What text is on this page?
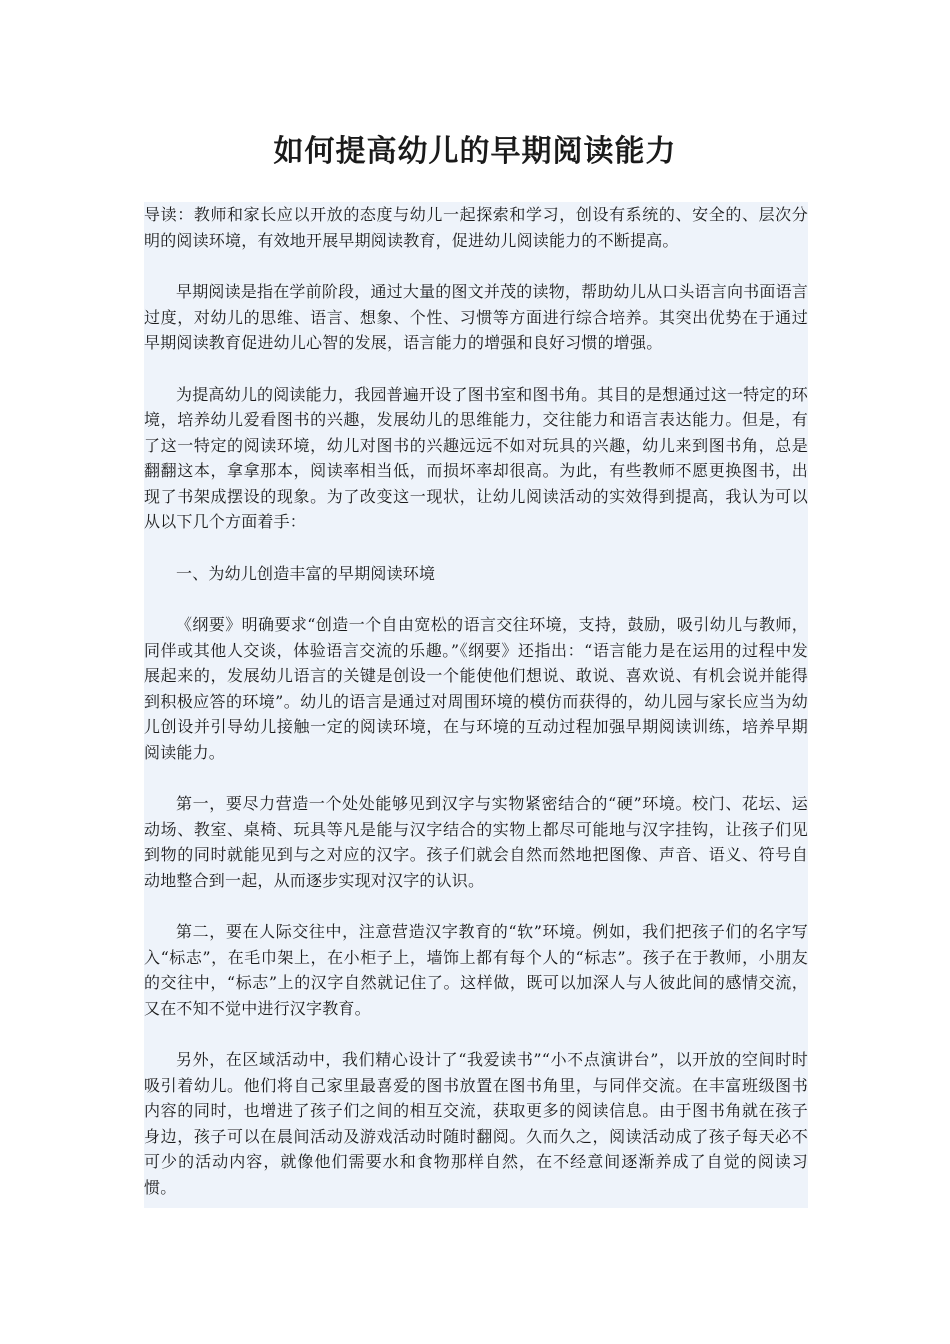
如何提高幼儿的早期阅读能力

导读：教师和家长应以开放的态度与幼儿一起探索和学习，创设有系统的、安全的、层次分明的阅读环境，有效地开展早期阅读教育，促进幼儿阅读能力的不断提高。

早期阅读是指在学前阶段，通过大量的图文并茂的读物，帮助幼儿从口头语言向书面语言过度，对幼儿的思维、语言、想象、个性、习惯等方面进行综合培养。其突出优势在于通过早期阅读教育促进幼儿心智的发展，语言能力的增强和良好习惯的增强。

为提高幼儿的阅读能力，我园普遍开设了图书室和图书角。其目的是想通过这一特定的环境，培养幼儿爱看图书的兴趣，发展幼儿的思维能力，交往能力和语言表达能力。但是，有了这一特定的阅读环境，幼儿对图书的兴趣远远不如对玩具的兴趣，幼儿来到图书角，总是翻翻这本，拿拿那本，阅读率相当低，而损坏率却很高。为此，有些教师不愿更换图书，出现了书架成摆设的现象。为了改变这一现状，让幼儿阅读活动的实效得到提高，我认为可以从以下几个方面着手：

一、为幼儿创造丰富的早期阅读环境

《纲要》明确要求“创造一个自由宽松的语言交往环境，支持，鼓励，吸引幼儿与教师，同伴或其他人交谈，体验语言交流的乐趣。”《纲要》还指出：“语言能力是在运用的过程中发展起来的，发展幼儿语言的关键是创设一个能使他们想说、敢说、喜欢说、有机会说并能得到积极应答的环境”。幼儿的语言是通过对周围环境的模仿而获得的，幼儿园与家长应当为幼儿创设并引导幼儿接触一定的阅读环境，在与环境的互动过程加强早期阅读训练，培养早期阅读能力。

第一，要尽力营造一个处处能够见到汉字与实物紧密结合的“硬”环境。校门、花坛、运动场、教室、桌椅、玩具等凡是能与汉字结合的实物上都尽可能地与汉字挂钩，让孩子们见到物的同时就能见到与之对应的汉字。孩子们就会自然而然地把图像、声音、语义、符号自动地整合到一起，从而逐步实现对汉字的认识。

第二，要在人际交往中，注意营造汉字教育的“软”环境。例如，我们把孩子们的名字写入“标志”，在毛巾架上，在小柜子上，墙饰上都有每个人的“标志”。孩子在于教师，小朋友的交往中，“标志”上的汉字自然就记住了。这样做，既可以加深人与人彼此间的感情交流，又在不知不觉中进行汉字教育。

另外，在区域活动中，我们精心设计了“我爱读书”“小不点演讲台”，以开放的空间时时吸引着幼儿。他们将自己家里最喜爱的图书放置在图书角里，与同伴交流。在丰富班级图书内容的同时，也增进了孩子们之间的相互交流，获取更多的阅读信息。由于图书角就在孩子身边，孩子可以在晨间活动及游戏活动时随时翻阅。久而久之，阅读活动成了孩子每天必不可少的活动内容，就像他们需要水和食物那样自然，在不经意间逐渐养成了自觉的阅读习惯。
